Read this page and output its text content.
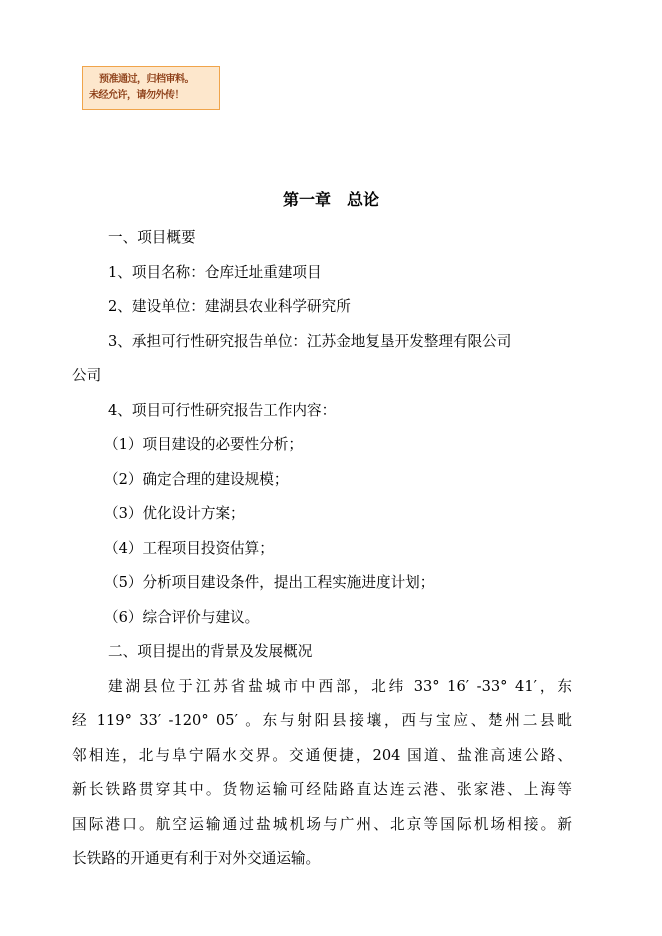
预准通过，归档审料。
未经允许，请勿外传！
第一章　总论
一、项目概要
1、项目名称：仓库迁址重建项目
2、建设单位：建湖县农业科学研究所
3、承担可行性研究报告单位：江苏金地复垦开发整理有限公司
公司
4、项目可行性研究报告工作内容：
（1）项目建设的必要性分析；
（2）确定合理的建设规模；
（3）优化设计方案；
（4）工程项目投资估算；
（5）分析项目建设条件，提出工程实施进度计划；
（6）综合评价与建议。
二、项目提出的背景及发展概况
建湖县位于江苏省盐城市中西部，北纬 33° 16′ -33° 41′，东
经 119° 33′ -120° 05′ 。东与射阳县接壤，西与宝应、楚州二县毗
邻相连，北与阜宁隔水交界。交通便捷，204 国道、盐淮高速公路、
新长铁路贯穿其中。货物运输可经陆路直达连云港、张家港、上海等
国际港口。航空运输通过盐城机场与广州、北京等国际机场相接。新
长铁路的开通更有利于对外交通运输。
